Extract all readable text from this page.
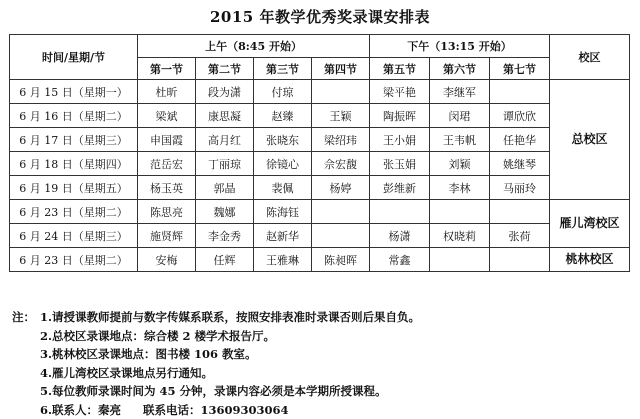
2015 年教学优秀奖录课安排表
时间/星期/节	上午（8:45 开始）				下午（13:15 开始）			校区
	第一节	第二节	第三节	第四节	第五节	第六节	第七节	
6 月 15 日（星期一）	杜昕	段为潇	付琼		梁平艳	李继军		总校区
6 月 16 日（星期二）	梁斌	康思凝	赵臻	王颖	陶振晖	闵珺	谭欣欣	
6 月 17 日（星期三）	申国霞	高月红	张晓东	梁绍玮	王小娟	王韦帆	任艳华	
6 月 18 日（星期四）	范岳宏	丁丽琼	徐镜心	佘宏馥	张玉娟	刘颖	姚继琴	
6 月 19 日（星期五）	杨玉英	郭晶	裴佩	杨婷	彭维新	李林	马丽玲	
6 月 23 日（星期二）	陈思亮	魏娜	陈海钰					雁儿湾校区
6 月 24 日（星期三）	施贤辉	李金秀	赵新华		杨潇	权晓莉	张荷	
6 月 23 日（星期二）	安梅	任辉	王雅琳	陈昶晖	常鑫			桃林校区
注： 1.请授课教师提前与数字传媒系联系，按照安排表准时录课否则后果自负。
2.总校区录课地点：综合楼 2 楼学术报告厅。
3.桃林校区录课地点：图书楼 106 教室。
4.雁儿湾校区录课地点另行通知。
5.每位教师录课时间为 45 分钟，录课内容必须是本学期所授课程。
6.联系人：秦亮 联系电话：13609303064
